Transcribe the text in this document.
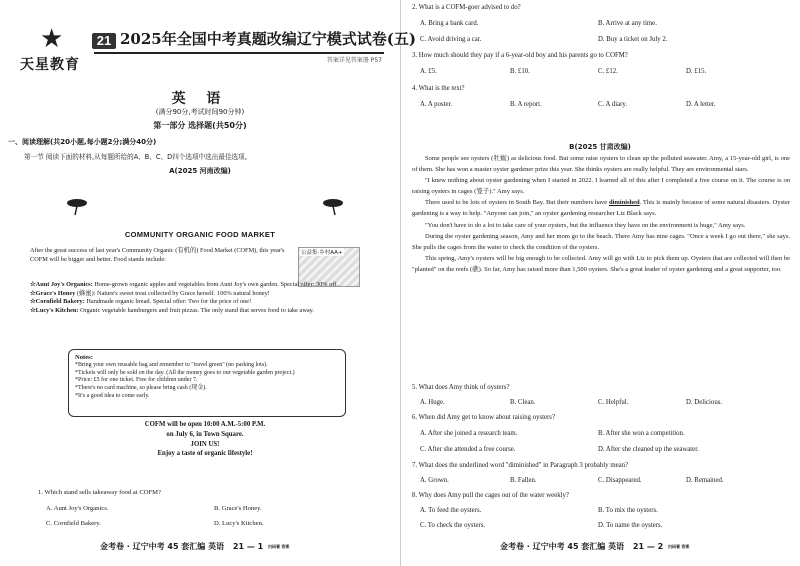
★
天星教育
21 2025年全国中考真题改编辽宁模式试卷(五)
答案详见答案册 P57
英 语
(满分90分,考试时间90分钟)
第一部分 选择题(共50分)
一、阅读理解(共20小题,每小题2分;满分40分)
第一节 阅读下面的材料,从每题所给的A、B、C、D四个选项中选出最佳选项。
A(2025 河南改编)
COMMUNITY ORGANIC FOOD MARKET

After the great success of last year's Community Organic (有机的) Food Market (COFM), this year's COFM will be bigger and better. Food stands include:

公益集·乡村AA+
☆Aunt Joy's Organics: Home-grown organic apples and vegetables from Aunt Joy's own garden. Special offer: 30% off.
☆Grace's Honey (蜂蜜): Nature's sweet treat collected by Grace herself. 100% natural honey!
☆Cornfield Bakery: Handmade organic bread. Special offer: Two for the price of one!
☆Lucy's Kitchen: Organic vegetable hamburgers and fruit pizzas. The only stand that serves food to take away.
Notes:
*Bring your own reusable bag and remember to "travel green" (no parking lots).
*Tickets will only be sold on the day. (All the money goes to our vegetable garden project.)
*Price: £5 for one ticket. Free for children under 7.
*There's no card machine, so please bring cash (现金).
*It's a good idea to come early.
COFM will be open 10:00 A.M.-5:00 P.M.
on July 6, in Town Square.
JOIN US!
Enjoy a taste of organic lifestyle!
1. Which stand sells takeaway food at COFM?
A. Aunt Joy's Organics.	B. Grace's Honey.
C. Cornfield Bakery.	D. Lucy's Kitchen.
金考卷 · 辽宁中考 45 套汇编 英语 21 — 1 扫码看 答案
2. What is a COFM-goer advised to do?
A. Bring a bank card.	B. Arrive at any time.
C. Avoid driving a car.	D. Buy a ticket on July 2.
3. How much should they pay if a 6-year-old boy and his parents go to COFM?
A. £5.	B. £10.	C. £12.	D. £15.
4. What is the text?
A. A poster.	B. A report.	C. A diary.	D. A letter.
B(2025 甘肃改编)

Some people see oysters (牡蛎) as delicious food. But some raise oysters to clean up the polluted seawater. Amy, a 15-year-old girl, is one of them. She has won a master oyster gardener prize this year. She thinks oysters are really helpful. They are environmental stars.

"I knew nothing about oyster gardening when I started in 2022. I learned all of this after I completed a free course on it. The course is on raising oysters in cages (笼子)." Amy says.

There used to be lots of oysters in South Bay. But their numbers have diminished. This is mainly because of some natural disasters. Oyster gardening is a way to help. "Anyone can join," an oyster gardening researcher Liz Black says.

"You don't have to do a lot to take care of your oysters, but the influence they have on the environment is huge," Amy says.

During the oyster gardening season, Amy and her mom go to the beach. There Amy has nine cages. "Once a week I go out there," she says. She pulls the cages from the water to check the condition of the oysters.

This spring, Amy's oysters will be big enough to be collected. Amy will go with Liz to pick them up. Oysters that are collected will then be "planted" on the reefs (礁). So far, Amy has raised more than 1,500 oysters. She's a great leader of oyster gardening and a great supporter, too.

5. What does Amy think of oysters?
A. Huge.	B. Clean.	C. Helpful.	D. Delicious.
6. When did Amy get to know about raising oysters?
A. After she joined a research team.	B. After she won a competition.
C. After she attended a free course.	D. After she cleaned up the seawater.
7. What does the underlined word "diminished" in Paragraph 3 probably mean?
A. Grown.	B. Fallen.	C. Disappeared.	D. Remained.
8. Why does Amy pull the cages out of the water weekly?
A. To feed the oysters.	B. To mix the oysters.
C. To check the oysters.	D. To name the oysters.
金考卷 · 辽宁中考 45 套汇编 英语 21 — 2 扫码看 答案
